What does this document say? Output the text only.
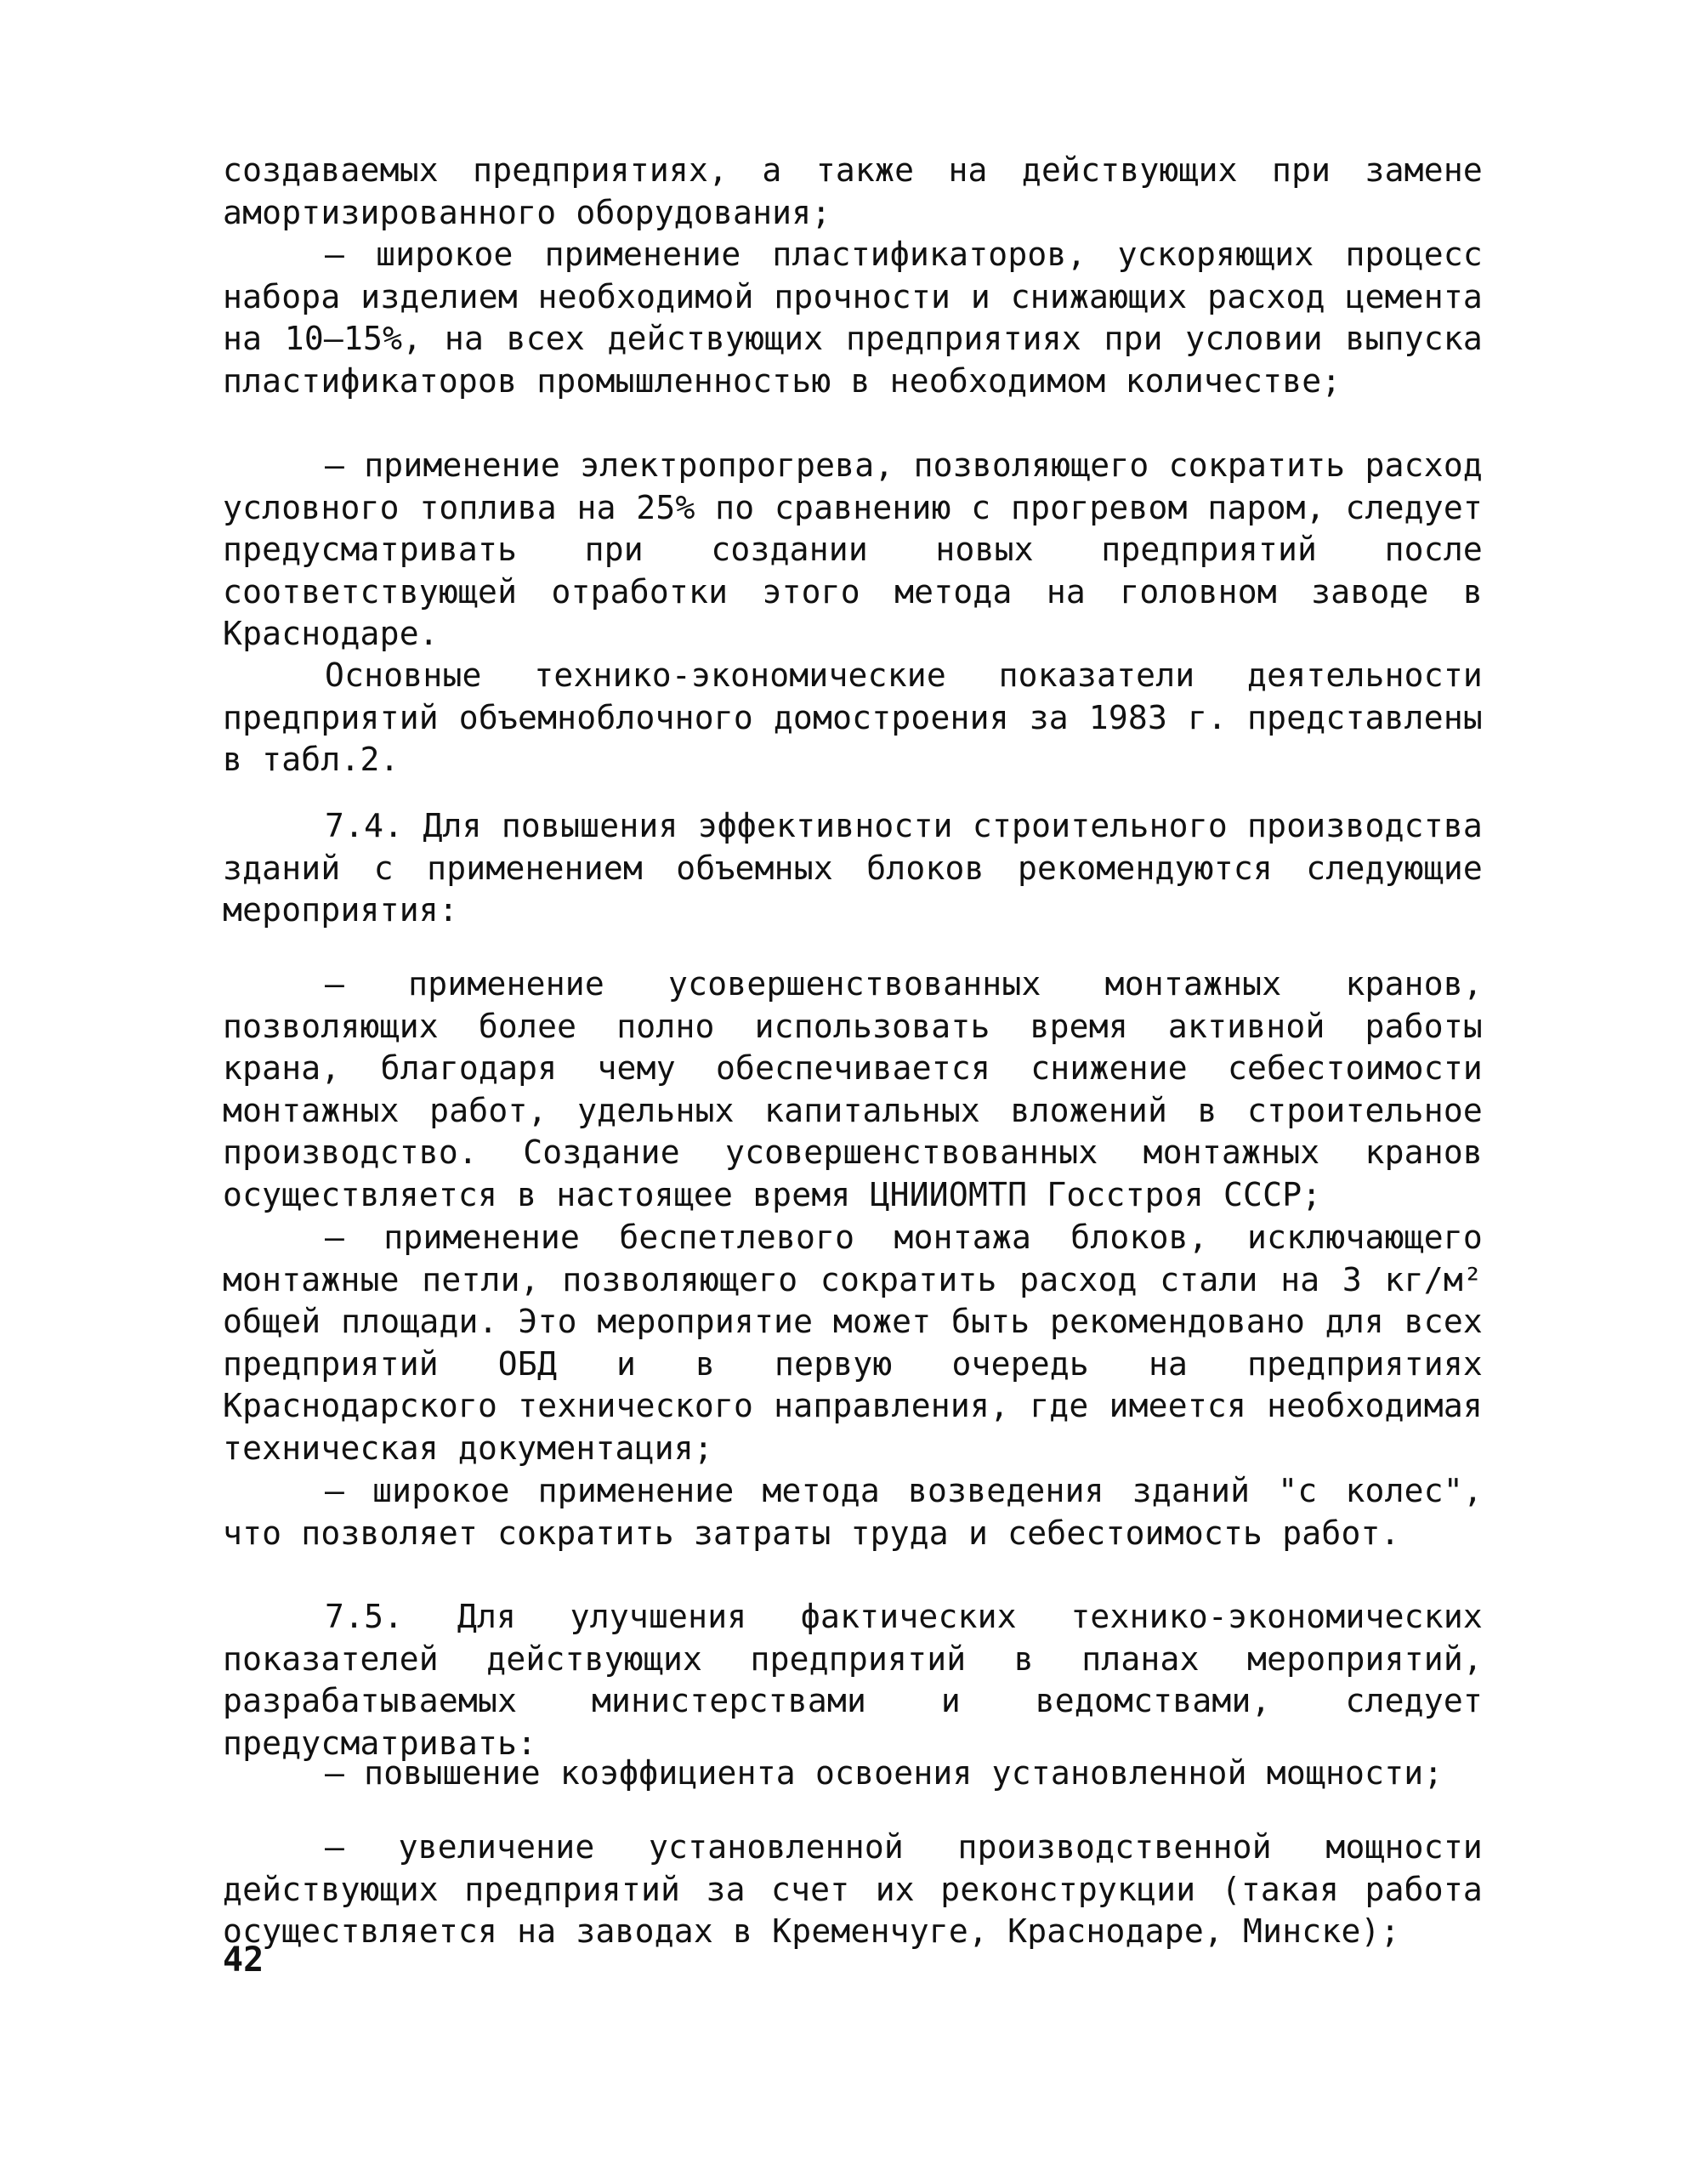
создаваемых предприятиях, а также на действующих при замене амортизированного оборудования;

– широкое применение пластификаторов, ускоряющих процесс набора изделием необходимой прочности и снижающих расход цемента на 10–15%, на всех действующих предприятиях при условии выпуска пластификаторов промышленностью в необходимом количестве;

– применение электропрогрева, позволяющего сократить расход условного топлива на 25% по сравнению с прогревом паром, следует предусматривать при создании новых предприятий после соответствующей отработки этого метода на головном заводе в Краснодаре.

Основные технико-экономические показатели деятельности предприятий объемноблочного домостроения за 1983 г. представлены в табл.2.

7.4. Для повышения эффективности строительного производства зданий с применением объемных блоков рекомендуются следующие мероприятия:

– применение усовершенствованных монтажных кранов, позволяющих более полно использовать время активной работы крана, благодаря чему обеспечивается снижение себестоимости монтажных работ, удельных капитальных вложений в строительное производство. Создание усовершенствованных монтажных кранов осуществляется в настоящее время ЦНИИОМТП Госстроя СССР;

– применение беспетлевого монтажа блоков, исключающего монтажные петли, позволяющего сократить расход стали на 3 кг/м² общей площади. Это мероприятие может быть рекомендовано для всех предприятий ОБД и в первую очередь на предприятиях Краснодарского технического направления, где имеется необходимая техническая документация;

– широкое применение метода возведения зданий "с колес", что позволяет сократить затраты труда и себестоимость работ.

7.5. Для улучшения фактических технико-экономических показателей действующих предприятий в планах мероприятий, разрабатываемых министерствами и ведомствами, следует предусматривать:

– повышение коэффициента освоения установленной мощности;

– увеличение установленной производственной мощности действующих предприятий за счет их реконструкции (такая работа осуществляется на заводах в Кременчуге, Краснодаре, Минске);

42
